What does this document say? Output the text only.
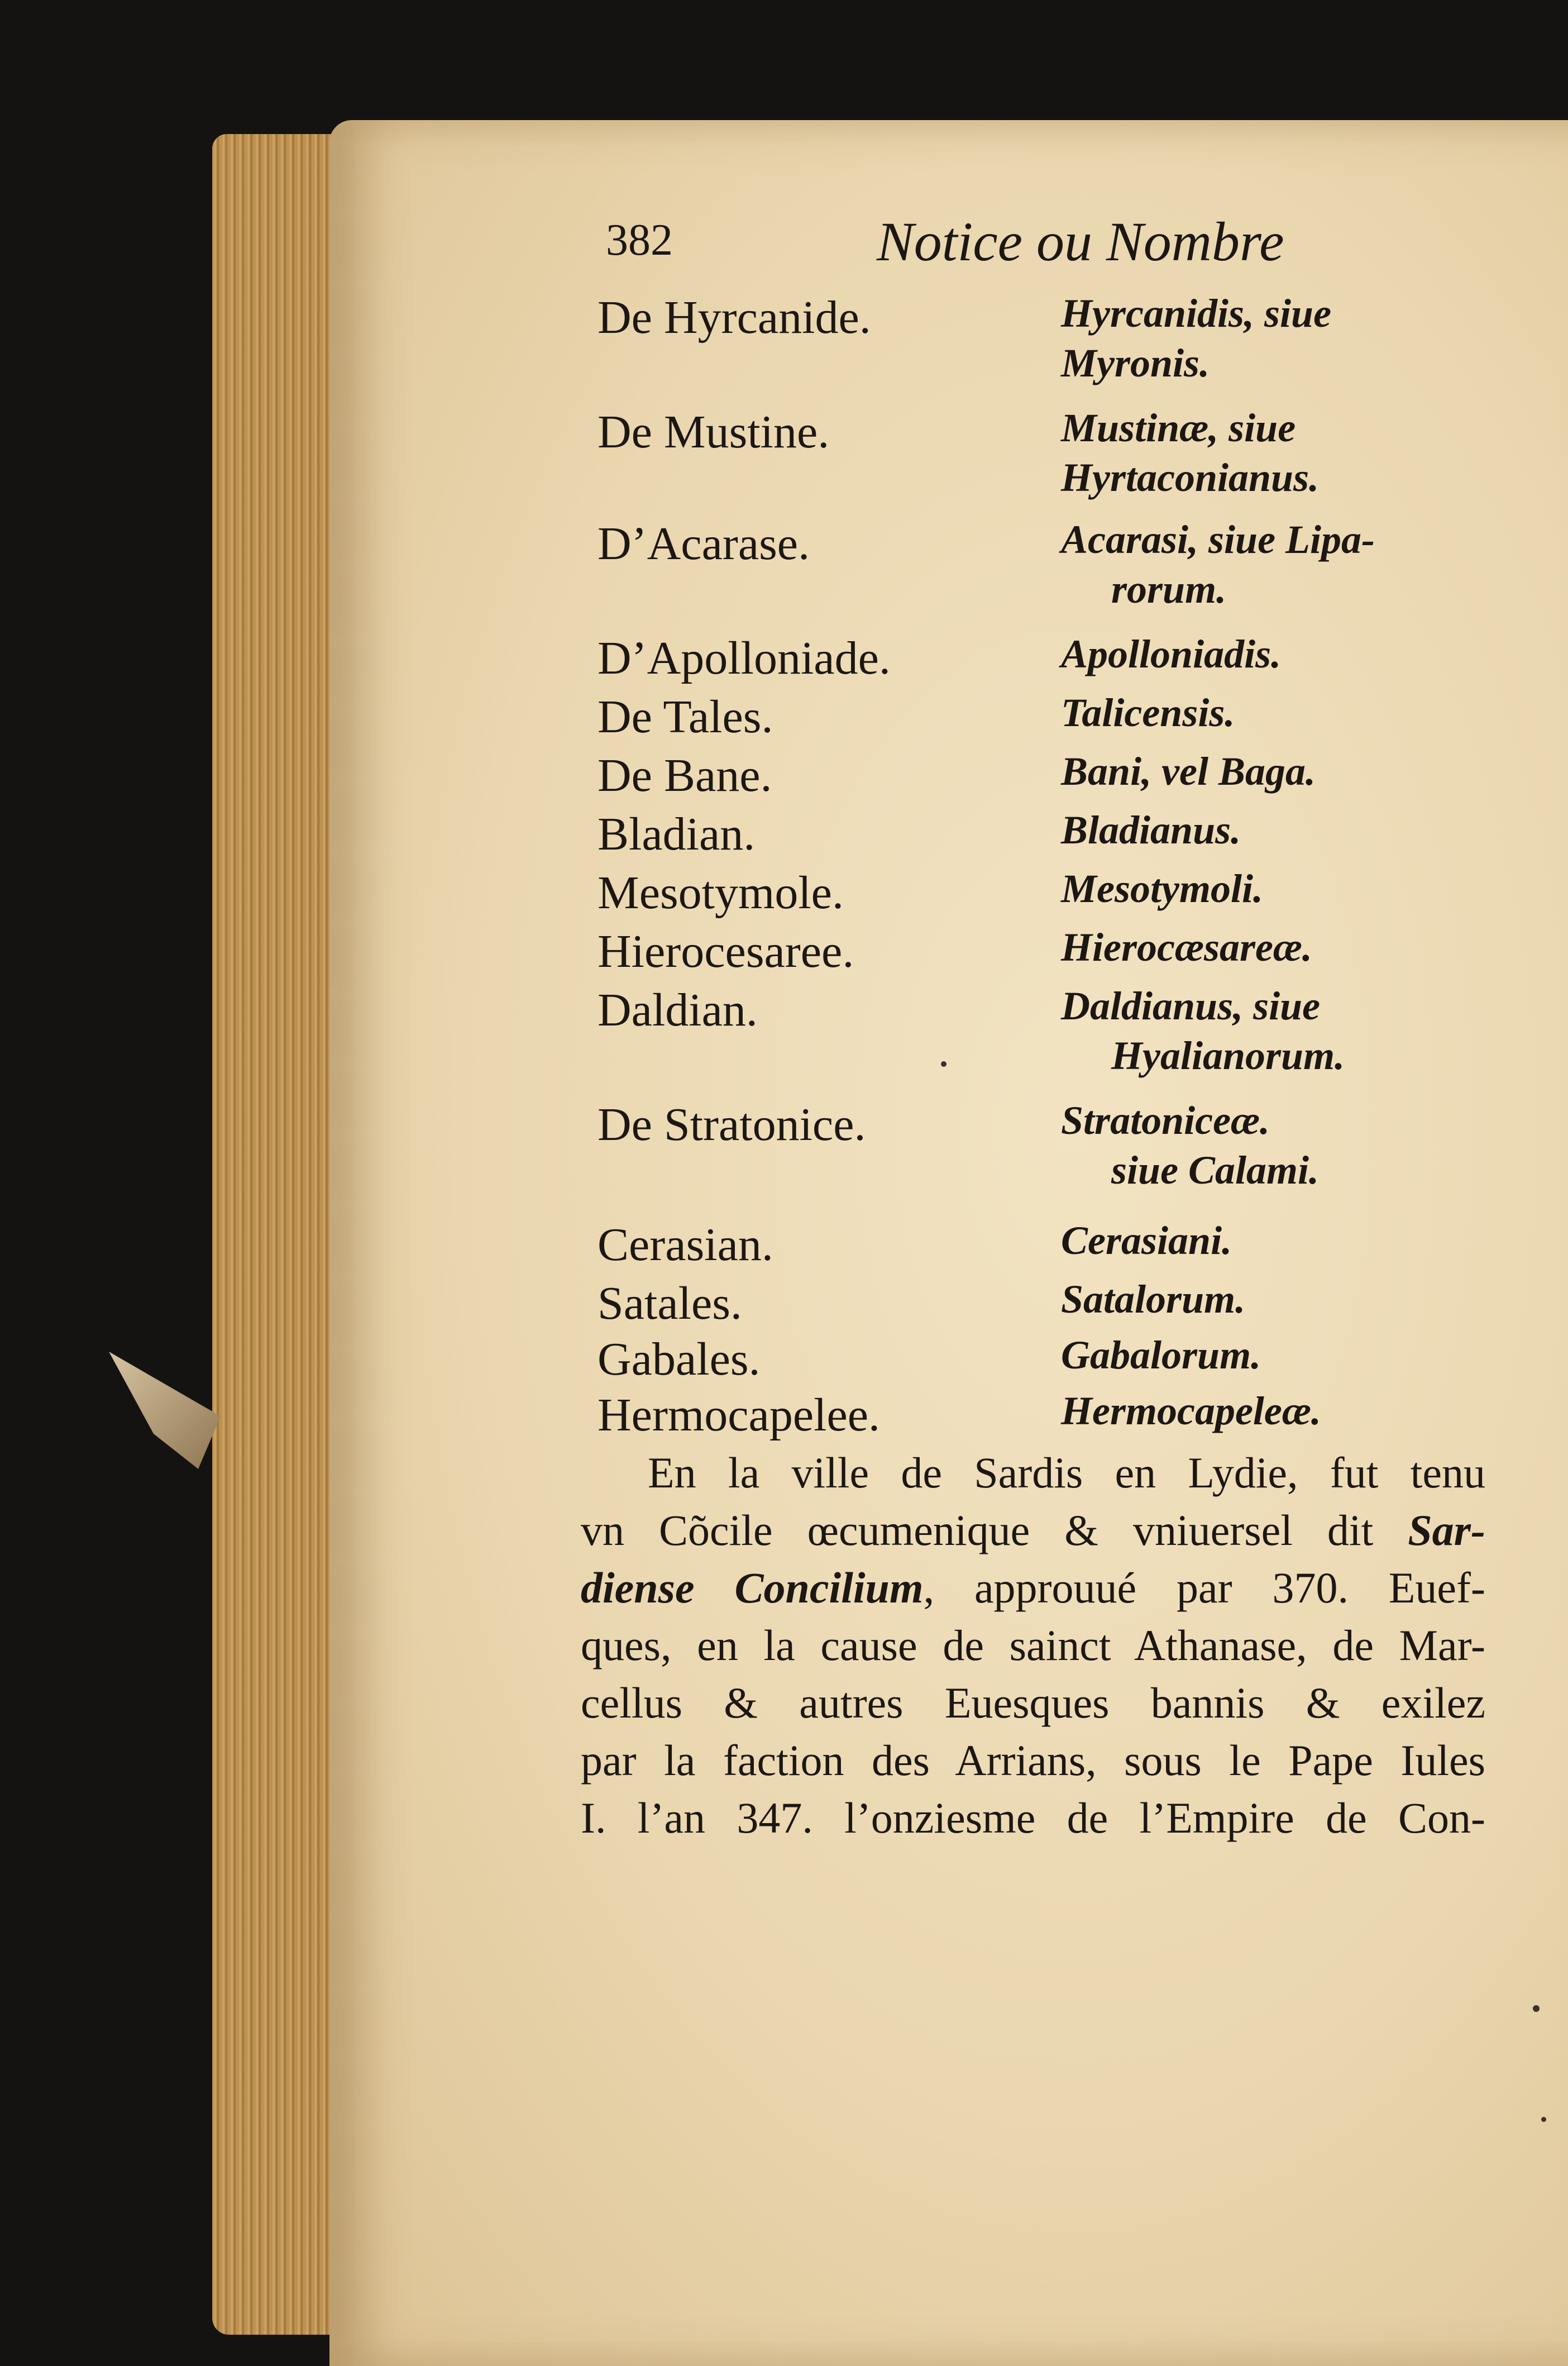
382	Notice ou Nombre
De Hyrcanide.	Hyrcanidis, siue
Myronis.
De Mustine.	Mustinæ, siue
Hyrtaconianus.
D’Acarase.	Acarasi, siue Lipa-
rorum.
D’Apolloniade.	Apolloniadis.
De Tales.	Talicensis.
De Bane.	Bani, vel Baga.
Bladian.	Bladianus.
Mesotymole.	Mesotymoli.
Hierocesaree.	Hierocæsareæ.
Daldian.	Daldianus, siue
Hyalianorum.
De Stratonice.	Stratoniceæ.
siue Calami.
Cerasian.	Cerasiani.
Satales.	Satalorum.
Gabales.	Gabalorum.
Hermocapelee.	Hermocapeleæ.
En la ville de Sardis en Lydie, fut tenu
vn Cõcile œcumenique & vniuersel dit Sar-
diense Concilium, approuué par 370. Euef-
ques, en la cause de sainct Athanase, de Mar-
cellus & autres Euesques bannis & exilez
par la faction des Arrians, sous le Pape Iules
I. l’an 347. l’onziesme de l’Empire de Con-
